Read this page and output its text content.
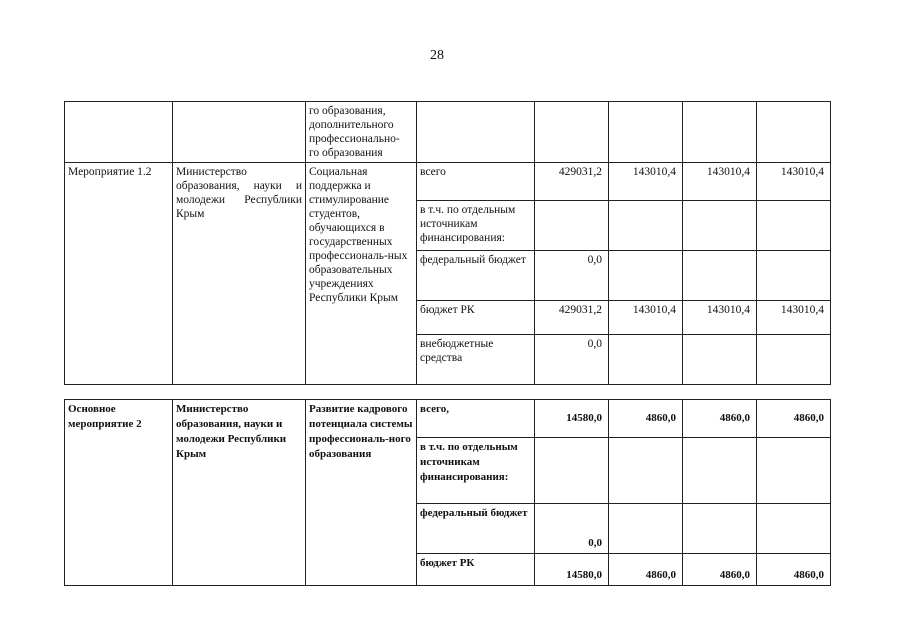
28
		го образования,
дополнительного
профессионально-
го образования					
Мероприятие 1.2	Министерство образования, науки и молодежи Республики Крым	Социальная поддержка и стимулирование студентов, обучающихся в государственных профессиональ-ных образовательных учреждениях Республики Крым	всего	429031,2	143010,4	143010,4	143010,4
			в т.ч. по отдельным источникам финансирования:				
			федеральный бюджет	0,0			
			бюджет РК	429031,2	143010,4	143010,4	143010,4
			внебюджетные средства	0,0			
Основное мероприятие 2	Министерство образования, науки и молодежи Республики Крым	Развитие кадрового потенциала системы профессиональ-ного образования	всего,	14580,0	4860,0	4860,0	4860,0
			в т.ч. по отдельным источникам финансирования:				
			федеральный бюджет	0,0			
			бюджет РК	14580,0	4860,0	4860,0	4860,0
